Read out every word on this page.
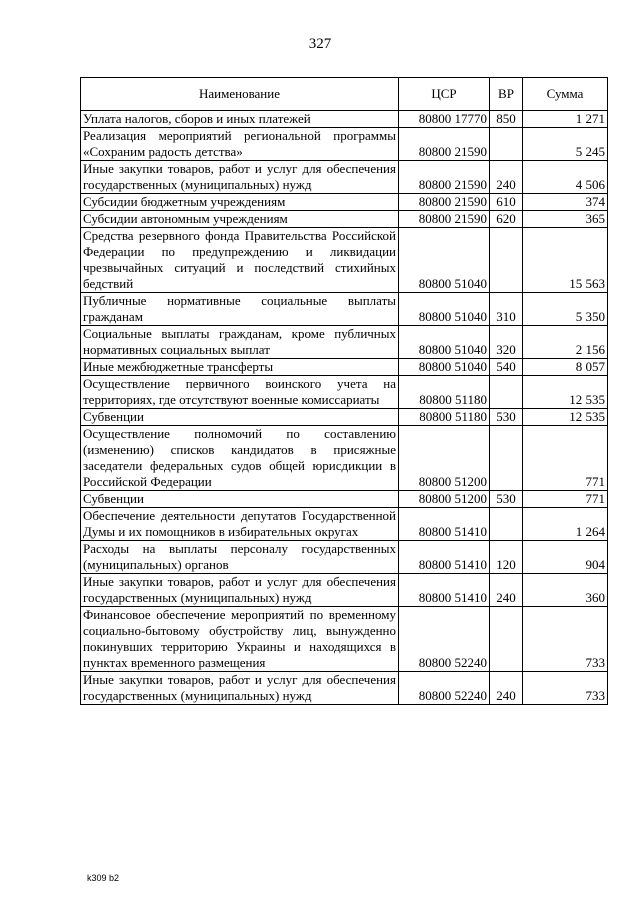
327
Наименование	ЦСР	ВР	Сумма
Уплата налогов, сборов и иных платежей	80800 17770	850	1 271
Реализация мероприятий региональной программы «Сохраним радость детства»	80800 21590		5 245
Иные закупки товаров, работ и услуг для обеспечения государственных (муниципальных) нужд	80800 21590	240	4 506
Субсидии бюджетным учреждениям	80800 21590	610	374
Субсидии автономным учреждениям	80800 21590	620	365
Средства резервного фонда Правительства Российской Федерации по предупреждению и ликвидации чрезвычайных ситуаций и последствий стихийных бедствий	80800 51040		15 563
Публичные нормативные социальные выплаты гражданам	80800 51040	310	5 350
Социальные выплаты гражданам, кроме публичных нормативных социальных выплат	80800 51040	320	2 156
Иные межбюджетные трансферты	80800 51040	540	8 057
Осуществление первичного воинского учета на территориях, где отсутствуют военные комиссариаты	80800 51180		12 535
Субвенции	80800 51180	530	12 535
Осуществление полномочий по составлению (изменению) списков кандидатов в присяжные заседатели федеральных судов общей юрисдикции в Российской Федерации	80800 51200		771
Субвенции	80800 51200	530	771
Обеспечение деятельности депутатов Государственной Думы и их помощников в избирательных округах	80800 51410		1 264
Расходы на выплаты персоналу государственных (муниципальных) органов	80800 51410	120	904
Иные закупки товаров, работ и услуг для обеспечения государственных (муниципальных) нужд	80800 51410	240	360
Финансовое обеспечение мероприятий по временному социально-бытовому обустройству лиц, вынужденно покинувших территорию Украины и находящихся в пунктах временного размещения	80800 52240		733
Иные закупки товаров, работ и услуг для обеспечения государственных (муниципальных) нужд	80800 52240	240	733
k309 b2
